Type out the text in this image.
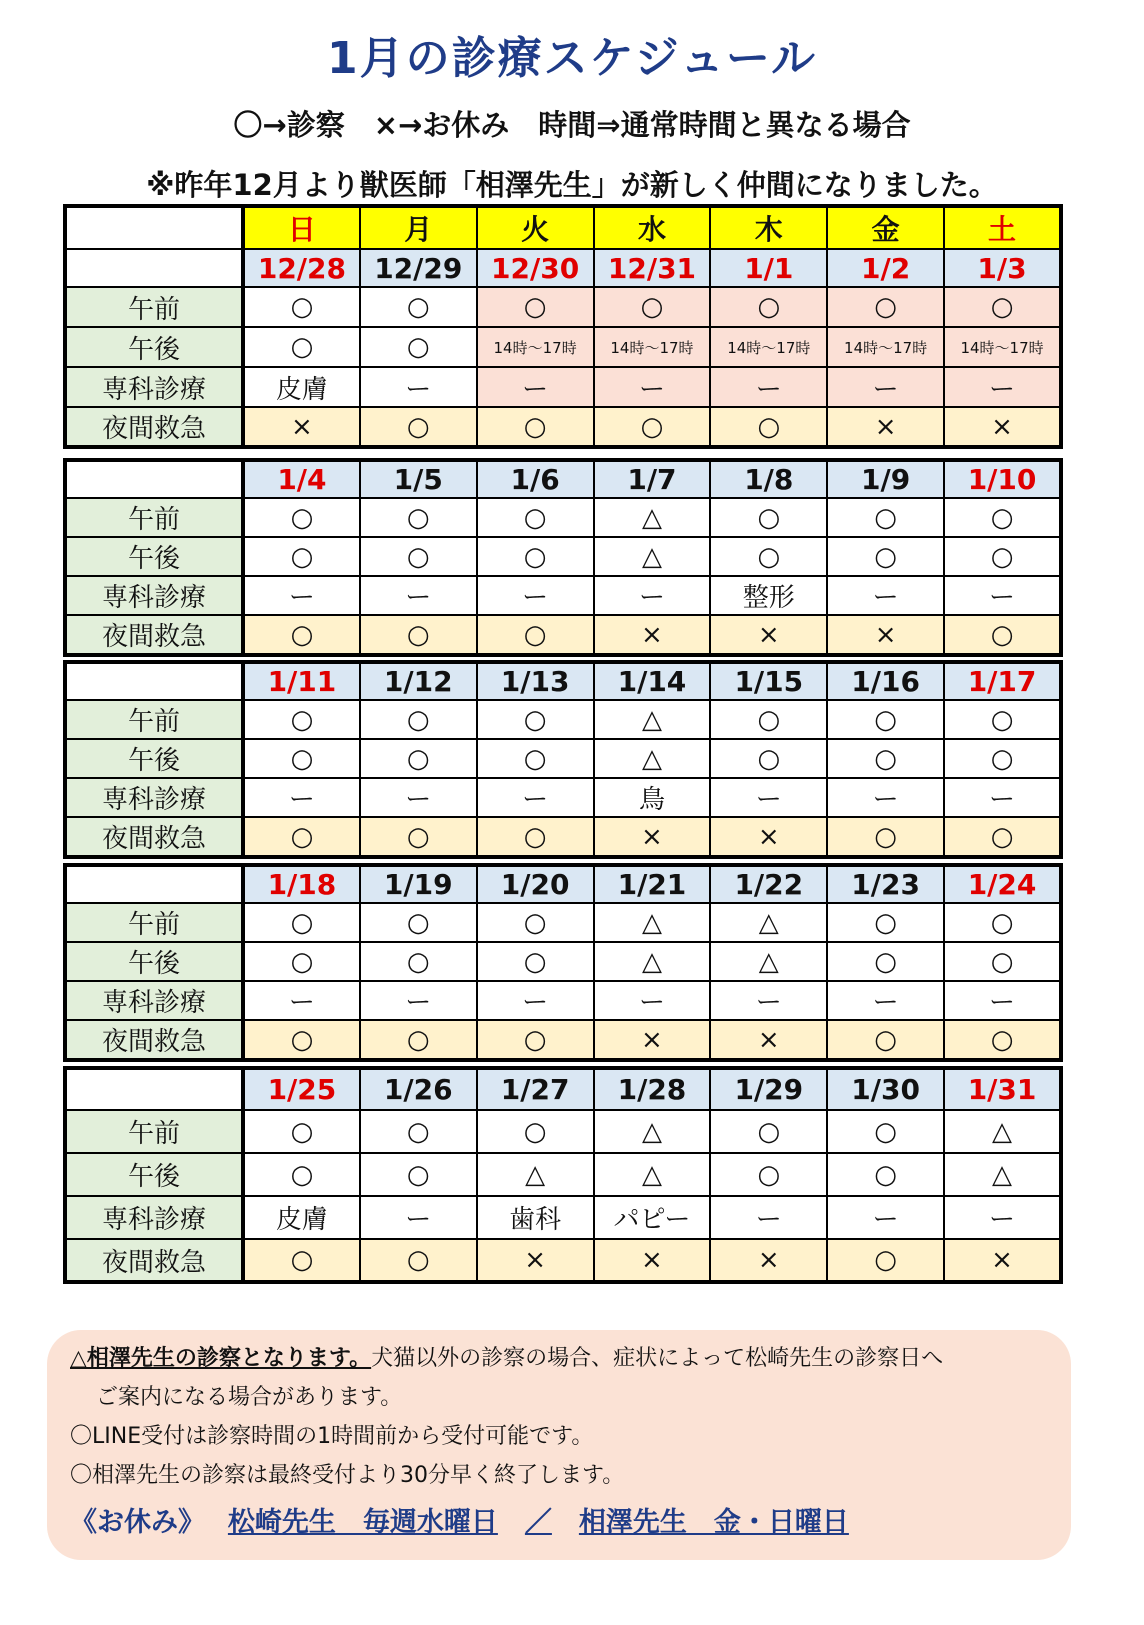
1月の診療スケジュール
〇→診察　×→お休み　時間⇒通常時間と異なる場合
※昨年12月より獣医師「相澤先生」が新しく仲間になりました。
	日	月	火	水	木	金	土
	12/28	12/29	12/30	12/31	1/1	1/2	1/3
午前	○	○	○	○	○	○	○
午後	○	○	14時～17時	14時～17時	14時～17時	14時～17時	14時～17時
専科診療	皮膚	ー	ー	ー	ー	ー	ー
夜間救急	×	○	○	○	○	×	×
	1/4	1/5	1/6	1/7	1/8	1/9	1/10
午前	○	○	○	△	○	○	○
午後	○	○	○	△	○	○	○
専科診療	ー	ー	ー	ー	整形	ー	ー
夜間救急	○	○	○	×	×	×	○
	1/11	1/12	1/13	1/14	1/15	1/16	1/17
午前	○	○	○	△	○	○	○
午後	○	○	○	△	○	○	○
専科診療	ー	ー	ー	鳥	ー	ー	ー
夜間救急	○	○	○	×	×	○	○
	1/18	1/19	1/20	1/21	1/22	1/23	1/24
午前	○	○	○	△	△	○	○
午後	○	○	○	△	△	○	○
専科診療	ー	ー	ー	ー	ー	ー	ー
夜間救急	○	○	○	×	×	○	○
	1/25	1/26	1/27	1/28	1/29	1/30	1/31
午前	○	○	○	△	○	○	△
午後	○	○	△	△	○	○	△
専科診療	皮膚	ー	歯科	パピー	ー	ー	ー
夜間救急	○	○	×	×	×	○	×
△相澤先生の診察となります。犬猫以外の診察の場合、症状によって松崎先生の診察日へ
ご案内になる場合があります。
〇LINE受付は診察時間の1時間前から受付可能です。
〇相澤先生の診察は最終受付より30分早く終了します。
《お休み》　 松崎先生　毎週水曜日　 ／　 相澤先生　金・日曜日
